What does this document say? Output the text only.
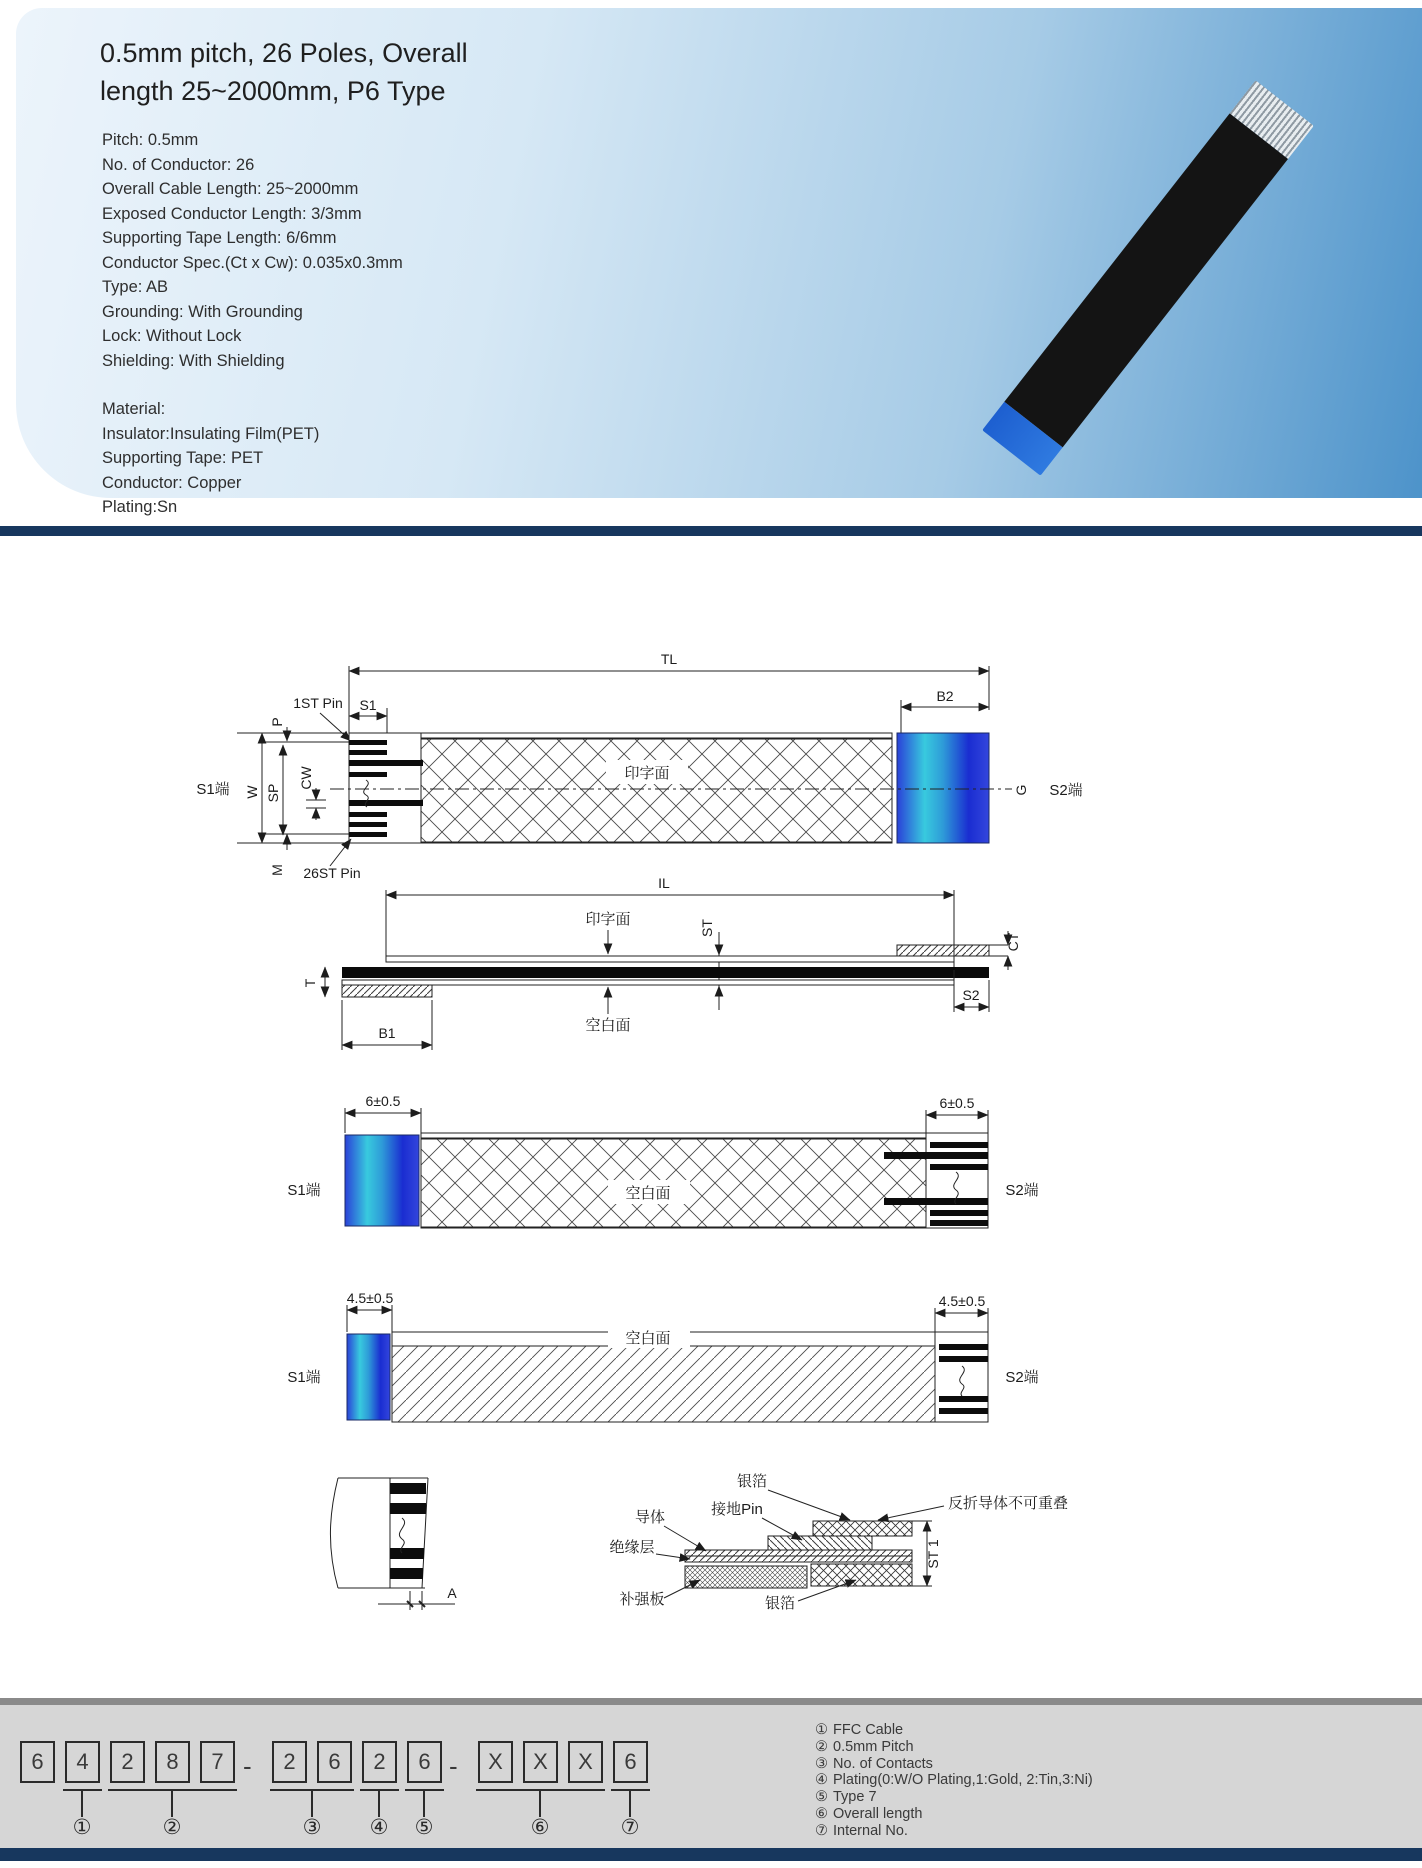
0.5mm pitch, 26 Poles, Overall
length 25~2000mm, P6 Type
Pitch: 0.5mm
No. of Conductor: 26
Overall Cable Length: 25~2000mm
Exposed Conductor Length: 3/3mm
Supporting Tape Length: 6/6mm
Conductor Spec.(Ct x Cw): 0.035x0.3mm
Type: AB
Grounding: With Grounding
Lock: Without Lock
Shielding: With Shielding
Material:
Insulator:Insulating Film(PET)
Supporting Tape: PET
Conductor: Copper
Plating:Sn
TL
B2
S1
1ST Pin
W SP
CW
P
M
S1端
26ST Pin
印字面
G S2端
IL
印字面	ST
CT
T
空白面
B1
S2
6±0.5	6±0.5
空白面
S1端	S2端
4.5±0.5	4.5±0.5
空白面
S1端	S2端
A
ST 1
银箔
反折导体不可重叠
接地Pin
导体
绝缘层
补强板	银箔
6	4	2	8	7 -	2	6	2	6 -	X	X	X	6
①	②	③ ④ ⑤	⑥	⑦
① FFC Cable
② 0.5mm Pitch
③ No. of Contacts
④ Plating(0:W/O Plating,1:Gold, 2:Tin,3:Ni)
⑤ Type 7
⑥ Overall length
⑦ Internal No.
